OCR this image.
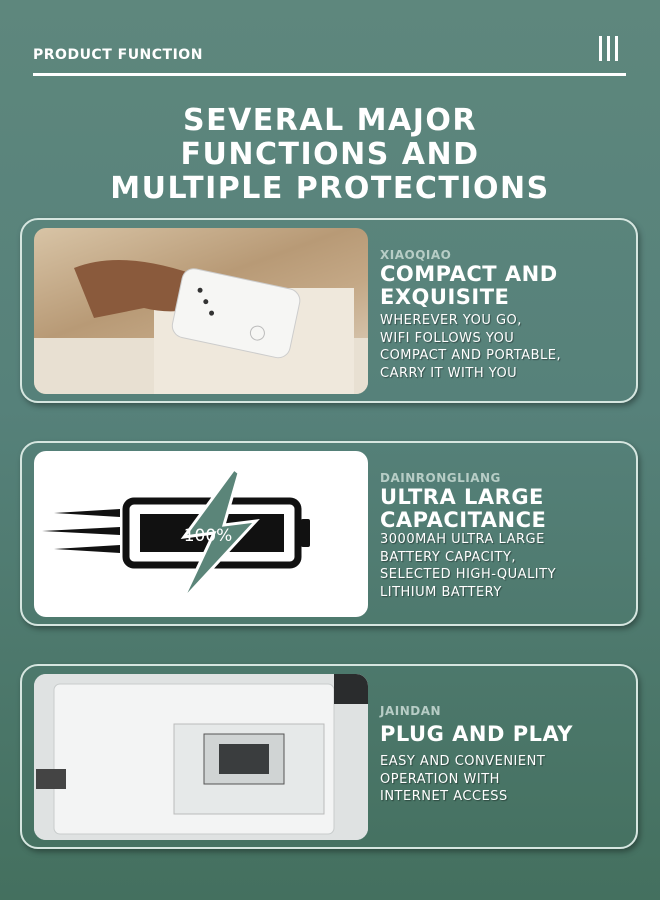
PRODUCT FUNCTION
SEVERAL MAJOR
FUNCTIONS AND
MULTIPLE PROTECTIONS
XIAOQIAO
COMPACT AND
EXQUISITE
WHEREVER YOU GO,
WIFI FOLLOWS YOU
COMPACT AND PORTABLE,
CARRY IT WITH YOU
100%
DAINRONGLIANG
ULTRA LARGE
CAPACITANCE
3000MAH ULTRA LARGE
BATTERY CAPACITY,
SELECTED HIGH-QUALITY
LITHIUM BATTERY
JAINDAN
PLUG AND PLAY
EASY AND CONVENIENT
OPERATION WITH
INTERNET ACCESS
